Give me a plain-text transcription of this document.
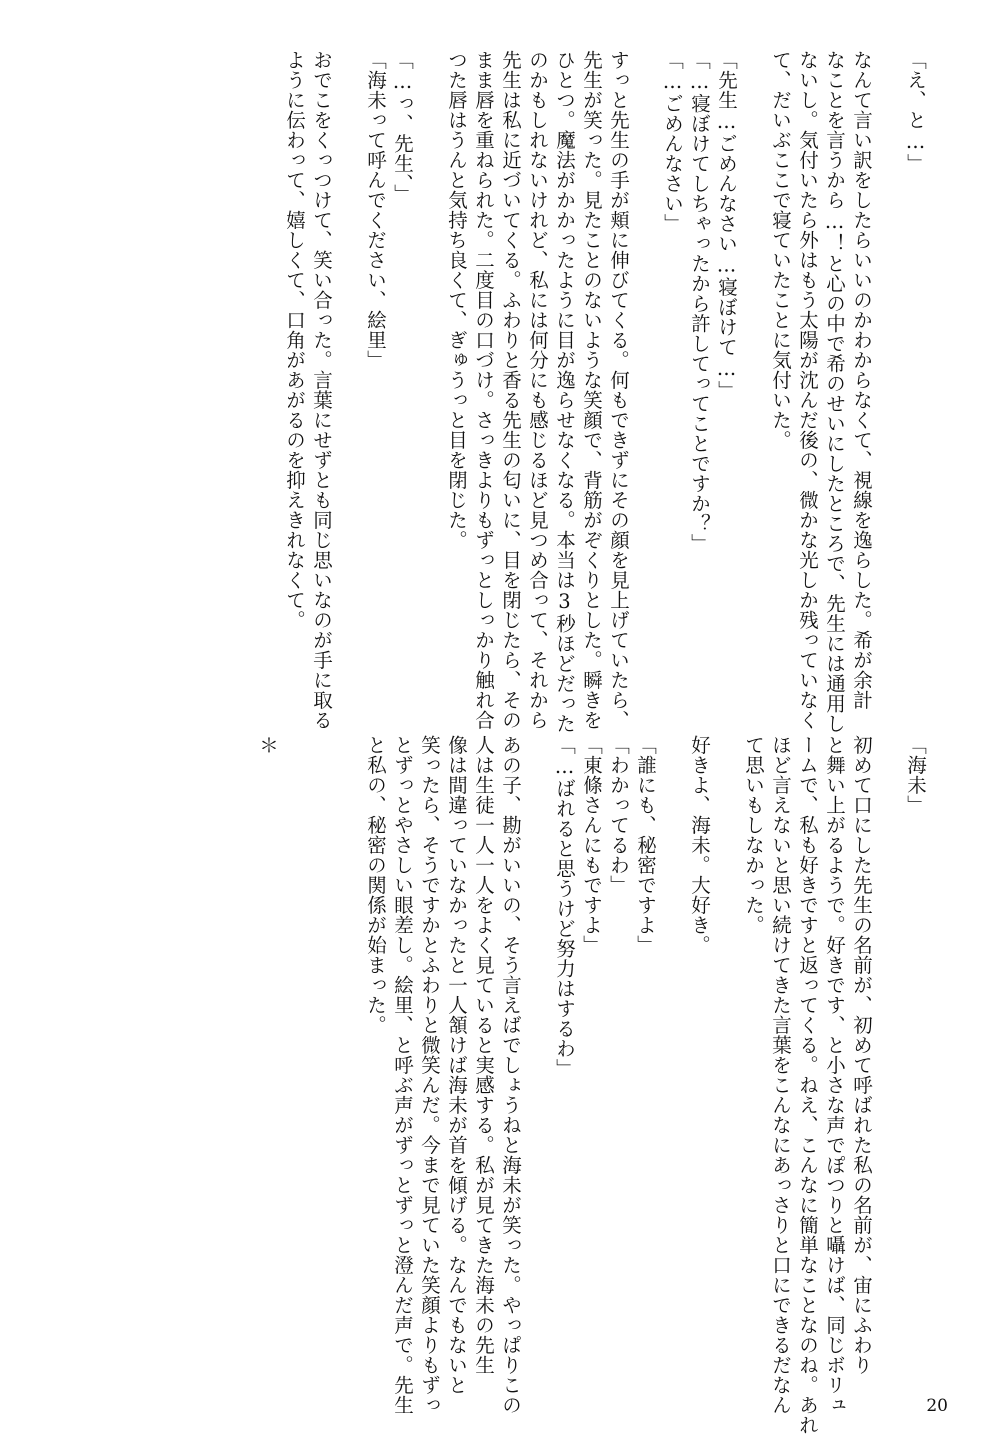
「え、と…」
なんて言い訳をしたらいいのかわからなくて、視線を逸らした。希が余計
なことを言うから…！と心の中で希のせいにしたところで、先生には通用し
ないし。気付いたら外はもう太陽が沈んだ後の、微かな光しか残っていなく
て、だいぶここで寝ていたことに気付いた。
「先生…ごめんなさい…寝ぼけて…」
「…寝ぼけてしちゃったから許してってことですか？」
「…ごめんなさい」
すっと先生の手が頬に伸びてくる。何もできずにその顔を見上げていたら、
先生が笑った。見たことのないような笑顔で、背筋がぞくりとした。瞬きを
ひとつ。魔法がかかったように目が逸らせなくなる。本当は3秒ほどだった
のかもしれないけれど、私には何分にも感じるほど見つめ合って、それから
先生は私に近づいてくる。ふわりと香る先生の匂いに、目を閉じたら、その
まま唇を重ねられた。二度目の口づけ。さっきよりもずっとしっかり触れ合
つた唇はうんと気持ち良くて、ぎゅうっと目を閉じた。
「…っ、先生、」
「海未って呼んでください、絵里」
おでこをくっつけて、笑い合った。言葉にせずとも同じ思いなのが手に取る
ように伝わって、嬉しくて、口角があがるのを抑えきれなくて。
「海未」
初めて口にした先生の名前が、初めて呼ばれた私の名前が、宙にふわり
と舞い上がるようで。好きです、と小さな声でぽつりと囁けば、同じボリュ
ームで、私も好きですと返ってくる。ねえ、こんなに簡単なことなのね。あれ
ほど言えないと思い続けてきた言葉をこんなにあっさりと口にできるだなん
て思いもしなかった。
好きよ、海未。大好き。
「誰にも、秘密ですよ」
「わかってるわ」
「東條さんにもですよ」
「…ばれると思うけど努力はするわ」
あの子、勘がいいの、そう言えばでしょうねと海未が笑った。やっぱりこの
人は生徒一人一人をよく見ていると実感する。私が見てきた海未の先生
像は間違っていなかったと一人頷けば海未が首を傾げる。なんでもないと
笑ったら、そうですかとふわりと微笑んだ。今まで見ていた笑顔よりもずっ
とずっとやさしい眼差し。絵里、と呼ぶ声がずっとずっと澄んだ声で。先生
と私の、秘密の関係が始まった。
＊
20
